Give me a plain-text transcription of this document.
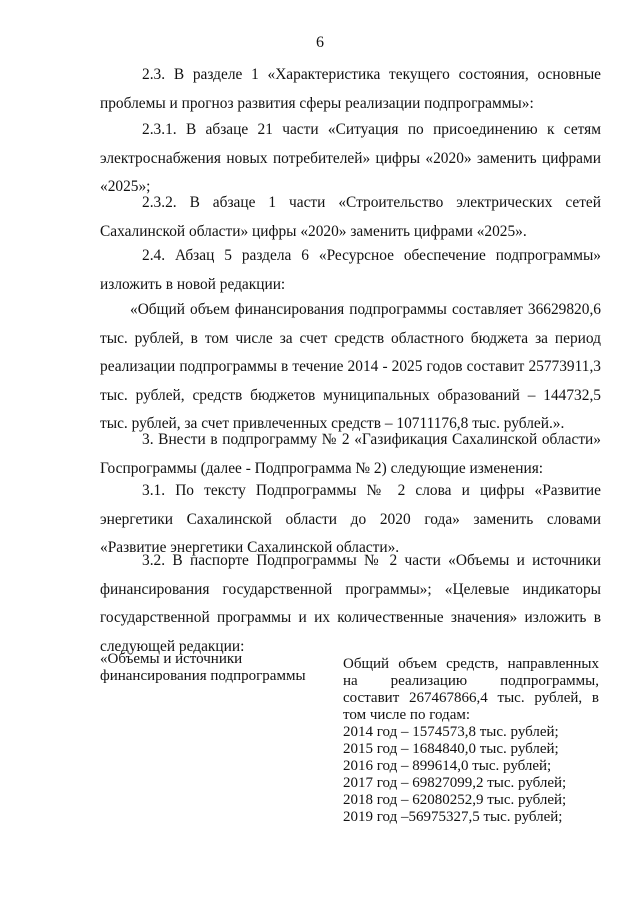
6
2.3. В разделе 1 «Характеристика текущего состояния, основные проблемы и прогноз развития сферы реализации подпрограммы»:
2.3.1. В абзаце 21 части «Ситуация по присоединению к сетям электроснабжения новых потребителей» цифры «2020» заменить цифрами «2025»;
2.3.2. В абзаце 1 части «Строительство электрических сетей Сахалинской области» цифры «2020» заменить цифрами «2025».
2.4. Абзац 5 раздела 6 «Ресурсное обеспечение подпрограммы» изложить в новой редакции:
«Общий объем финансирования подпрограммы составляет 36629820,6 тыс. рублей, в том числе за счет средств областного бюджета за период реализации подпрограммы в течение 2014 - 2025 годов составит 25773911,3 тыс. рублей, средств бюджетов муниципальных образований – 144732,5 тыс. рублей, за счет привлеченных средств – 10711176,8 тыс. рублей.».
3. Внести в подпрограмму № 2 «Газификация Сахалинской области» Госпрограммы (далее - Подпрограмма № 2) следующие изменения:
3.1. По тексту Подпрограммы № 2 слова и цифры «Развитие энергетики Сахалинской области до 2020 года» заменить словами «Развитие энергетики Сахалинской области».
3.2. В паспорте Подпрограммы № 2 части «Объемы и источники финансирования государственной программы»; «Целевые индикаторы государственной программы и их количественные значения» изложить в следующей редакции:
«Объемы и источники финансирования подпрограммы
Общий объем средств, направленных на реализацию подпрограммы, составит 267467866,4 тыс. рублей, в том числе по годам:
2014 год – 1574573,8 тыс. рублей;
2015 год – 1684840,0 тыс. рублей;
2016 год – 899614,0 тыс. рублей;
2017 год – 69827099,2 тыс. рублей;
2018 год – 62080252,9 тыс. рублей;
2019 год –56975327,5 тыс. рублей;
